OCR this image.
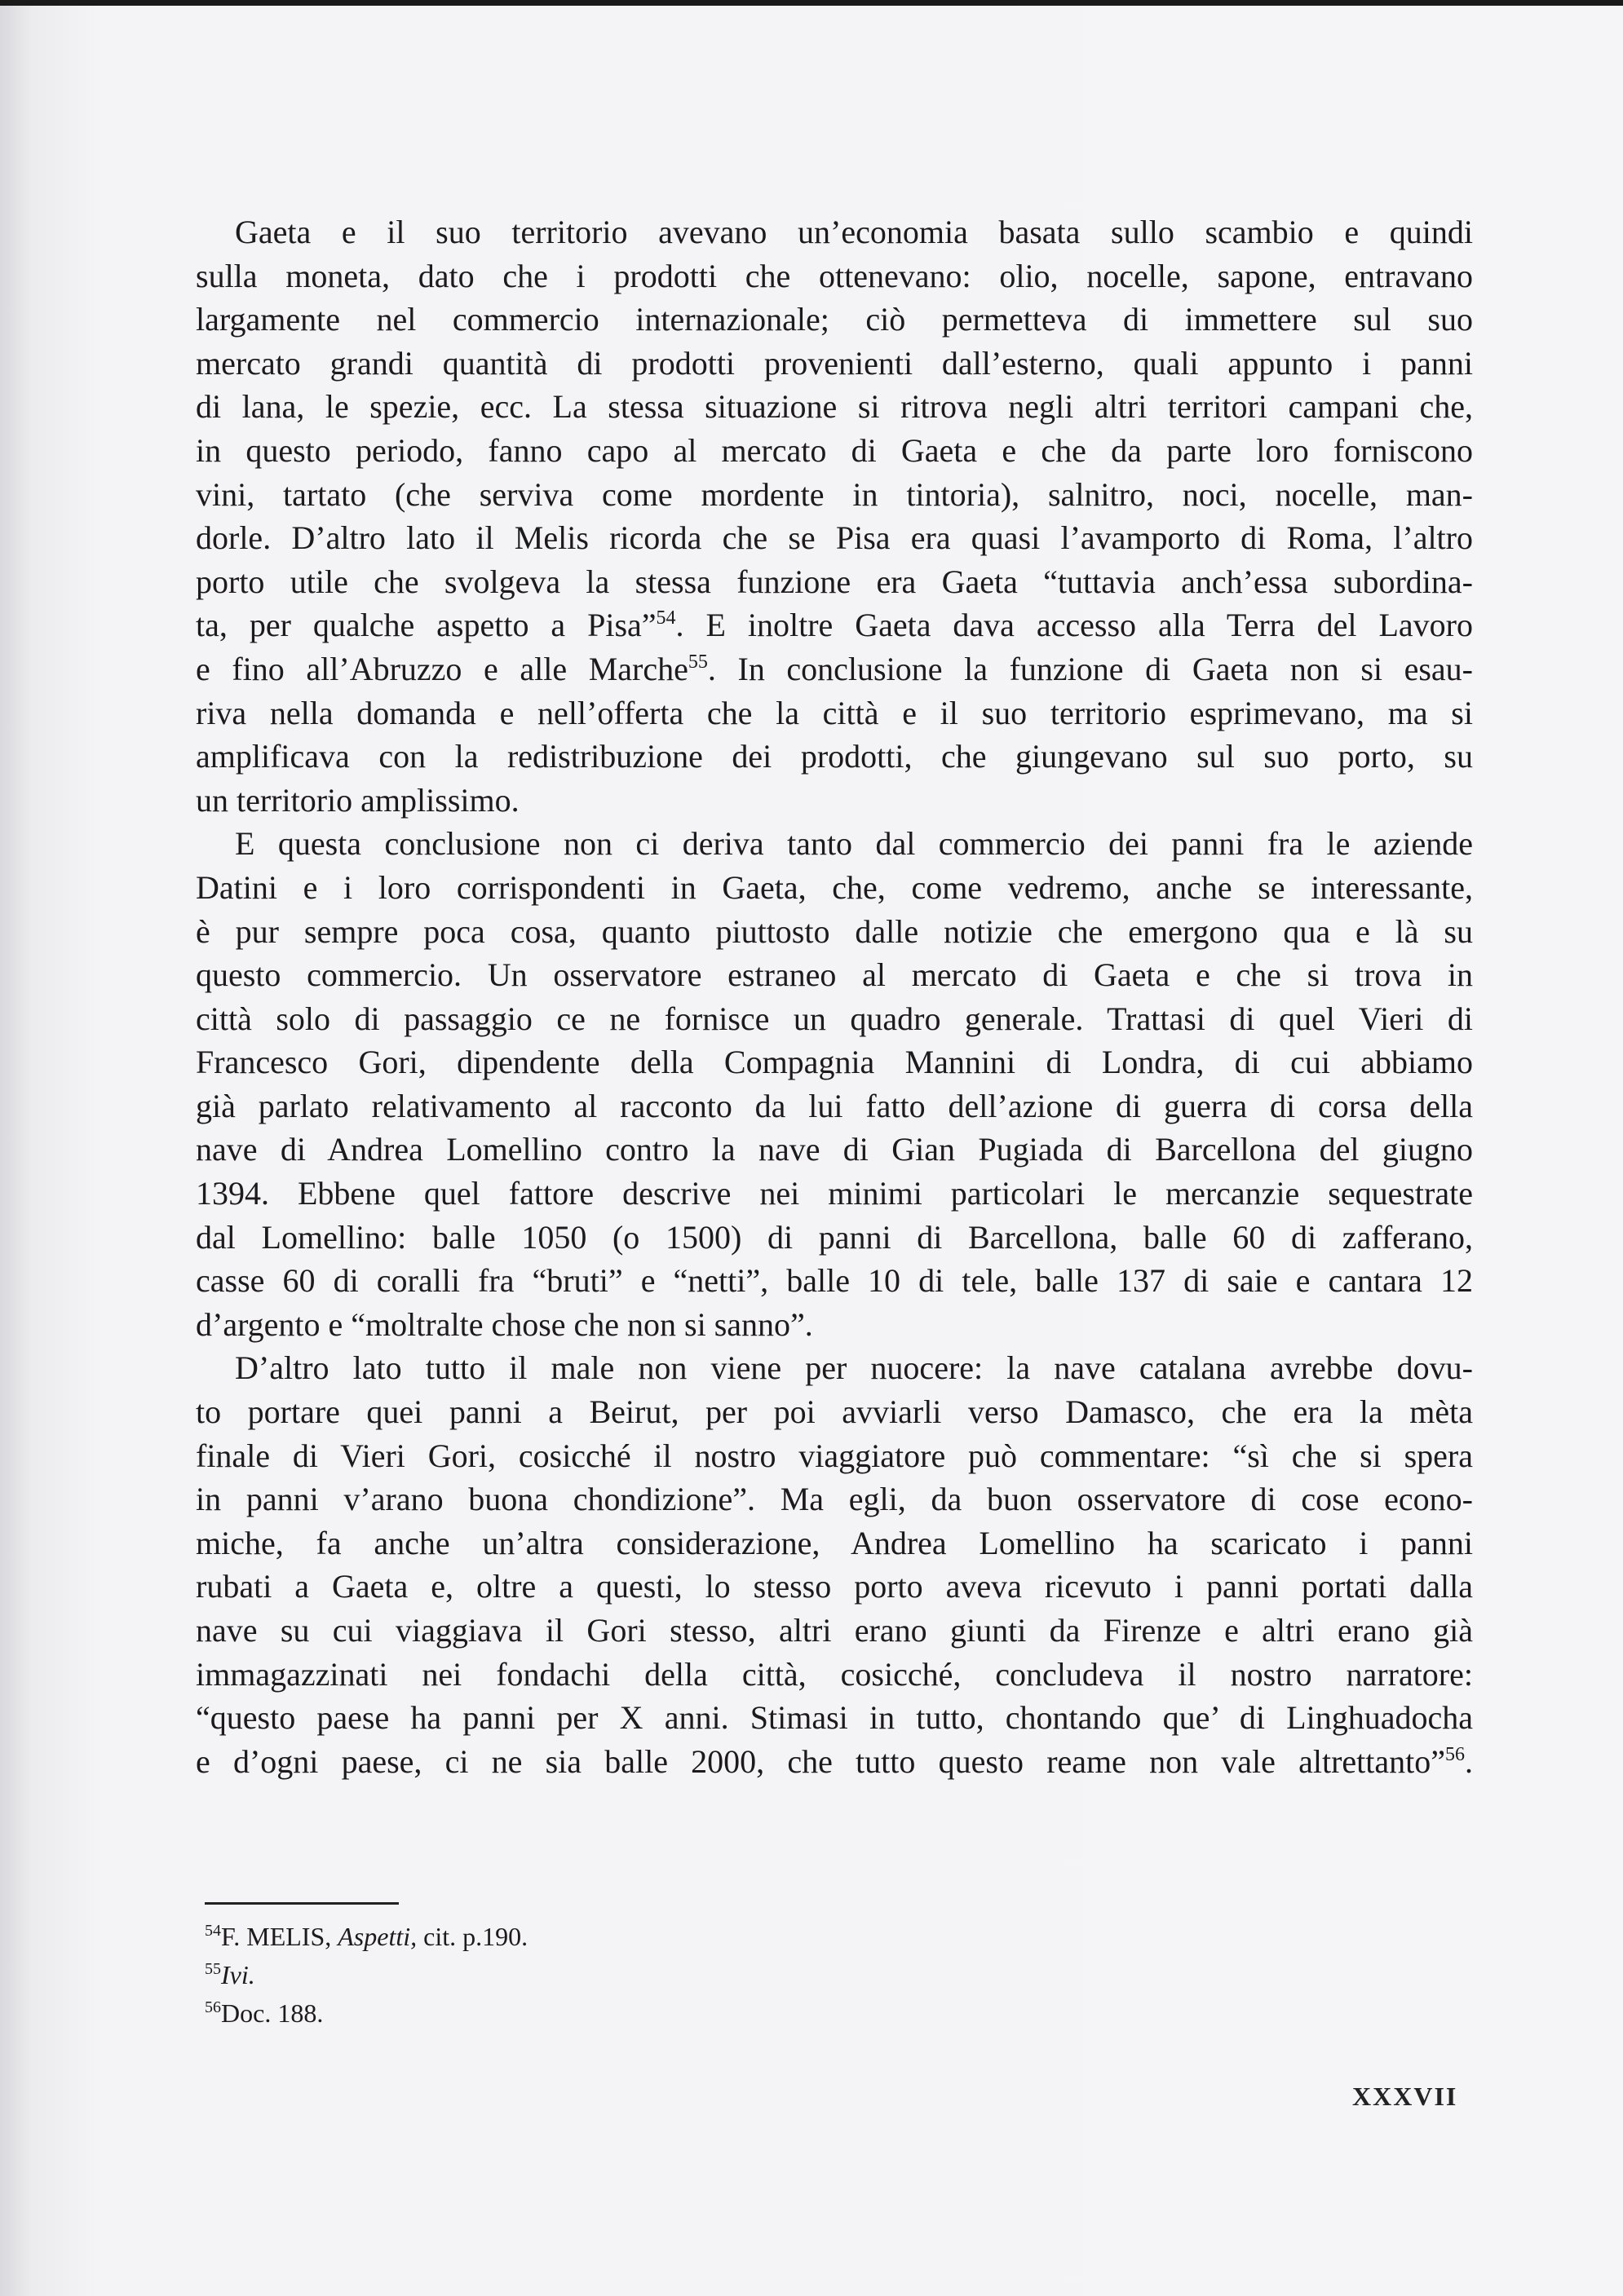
Gaeta e il suo territorio avevano un’economia basata sullo scambio e quindi
sulla moneta, dato che i prodotti che ottenevano: olio, nocelle, sapone, entravano
largamente nel commercio internazionale; ciò permetteva di immettere sul suo
mercato grandi quantità di prodotti provenienti dall’esterno, quali appunto i panni
di lana, le spezie, ecc. La stessa situazione si ritrova negli altri territori campani che,
in questo periodo, fanno capo al mercato di Gaeta e che da parte loro forniscono
vini, tartato (che serviva come mordente in tintoria), salnitro, noci, nocelle, man-
dorle. D’altro lato il Melis ricorda che se Pisa era quasi l’avamporto di Roma, l’altro
porto utile che svolgeva la stessa funzione era Gaeta “tuttavia anch’essa subordina-
ta, per qualche aspetto a Pisa”$^{54}$. E inoltre Gaeta dava accesso alla Terra del Lavoro
e fino all’Abruzzo e alle Marche$^{55}$. In conclusione la funzione di Gaeta non si esau-
riva nella domanda e nell’offerta che la città e il suo territorio esprimevano, ma si
amplificava con la redistribuzione dei prodotti, che giungevano sul suo porto, su
un territorio amplissimo.
E questa conclusione non ci deriva tanto dal commercio dei panni fra le aziende
Datini e i loro corrispondenti in Gaeta, che, come vedremo, anche se interessante,
è pur sempre poca cosa, quanto piuttosto dalle notizie che emergono qua e là su
questo commercio. Un osservatore estraneo al mercato di Gaeta e che si trova in
città solo di passaggio ce ne fornisce un quadro generale. Trattasi di quel Vieri di
Francesco Gori, dipendente della Compagnia Mannini di Londra, di cui abbiamo
già parlato relativamento al racconto da lui fatto dell’azione di guerra di corsa della
nave di Andrea Lomellino contro la nave di Gian Pugiada di Barcellona del giugno
1394. Ebbene quel fattore descrive nei minimi particolari le mercanzie sequestrate
dal Lomellino: balle 1050 (o 1500) di panni di Barcellona, balle 60 di zafferano,
casse 60 di coralli fra “bruti” e “netti”, balle 10 di tele, balle 137 di saie e cantara 12
d’argento e “moltralte chose che non si sanno”.
D’altro lato tutto il male non viene per nuocere: la nave catalana avrebbe dovu-
to portare quei panni a Beirut, per poi avviarli verso Damasco, che era la mèta
finale di Vieri Gori, cosicché il nostro viaggiatore può commentare: “sì che si spera
in panni v’arano buona chondizione”. Ma egli, da buon osservatore di cose econo-
miche, fa anche un’altra considerazione, Andrea Lomellino ha scaricato i panni
rubati a Gaeta e, oltre a questi, lo stesso porto aveva ricevuto i panni portati dalla
nave su cui viaggiava il Gori stesso, altri erano giunti da Firenze e altri erano già
immagazzinati nei fondachi della città, cosicché, concludeva il nostro narratore:
“questo paese ha panni per X anni. Stimasi in tutto, chontando que’ di Linghuadocha
e d’ogni paese, ci ne sia balle 2000, che tutto questo reame non vale altrettanto”$^{56}$.
$^{54}$F. MELIS, Aspetti, cit. p.190.
$^{55}$Ivi.
$^{56}$Doc. 188.
XXXVII
